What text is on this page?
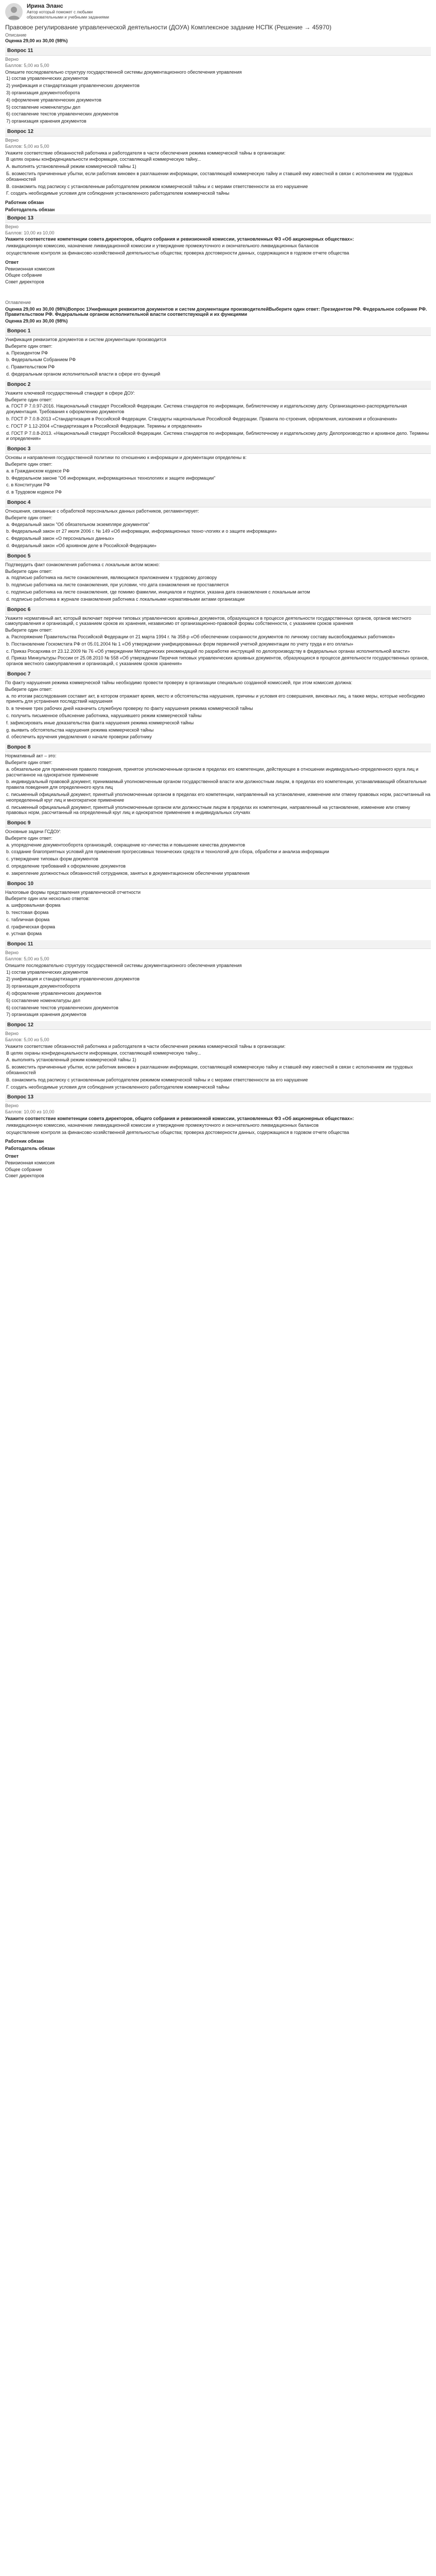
Ирина Эланс
Автор который поможет с любыми образовательными и учебными заданиями
Правовое регулирование управленческой деятельности (ДОУА) Комплексное задание НСПК (Решение → 45970)
Описание
Оценка 29,00 из 30,00 (98%)
Вопрос 11
Верно
Баллов: 5,00 из 5,00
Опишите последовательно структуру государственной системы документационного обеспечения управления
1) состав управленческих документов
2) унификация и стандартизация управленческих документов
3) организация документооборота
4) оформление управленческих документов
5) составление номенклатуры дел
6) составление текстов управленческих документов
7) организация хранения документов
Вопрос 12
Верно
Баллов: 5,00 из 5,00
Укажите соответствие обязанностей работника и работодателя в части обеспечения режима коммерческой тайны в организации:
В целях охраны конфиденциальности информации, составляющей коммерческую тайну...
А. выполнять установленный режим коммерческой тайны 1)
Б. возместить причиненные убытки, если работник виновен в разглашении информации, составляющей коммерческую тайну и ставшей ему известной в связи с исполнением им трудовых обязанностей
В. ознакомить под расписку с установленным работодателем режимом коммерческой тайны и с мерами ответственности за его нарушение
Г. создать необходимые условия для соблюдения установленного работодателем коммерческой тайны
Работник обязан
Работодатель обязан
Вопрос 13
Верно
Баллов: 10,00 из 10,00
Укажите соответствие компетенции совета директоров, общего собрания и ревизионной комиссии, установленных ФЗ «Об акционерных обществах»:
ликвидационную комиссию, назначение ликвидационной комиссии и утверждение промежуточного и окончательного ликвидационных балансов
осуществление контроля за финансово-хозяйственной деятельностью общества; проверка достоверности данных, содержащихся в годовом отчете общества
Ответ
Ревизионная комиссия
Общее собрание
Совет директоров
Оглавление
Оценка 29,00 из 30,00 (98%)Вопрос 1Унификация реквизитов документов и систем документации производителейВыберите один ответ: Президентом РФ. Федеральное собрание РФ. Правительством РФ. Федеральным органом исполнительной власти соответствующей и их функциями
Оценка 29,00 из 30,00 (98%)
Вопрос 1
Унификация реквизитов документов и систем документации производится
Выберите один ответ:
a. Президентом РФ
b. Федеральным Собранием РФ
c. Правительством РФ
d. федеральным органом исполнительной власти в сфере его функций
Вопрос 2
Укажите ключевой государственный стандарт в сфере ДОУ:
Выберите один ответ:
a. ГОСТ Р 7.0.97-2016. Национальный стандарт Российской Федерации. Система стандартов по информации, библиотечному и издательскому делу. Организационно-распорядительная документация. Требования к оформлению документов
b. ГОСТ Р 7.0.8-2013 «Стандартизация в Российской Федерации. Стандарты национальные Российской Федерации. Правила по-строения, оформления, изложения и обозначения»
c. ГОСТ Р 1.12-2004 «Стандартизация в Российской Федерации. Термины и определения»
d. ГОСТ Р 7.0.8-2013. «Национальный стандарт Российской Федерации. Система стандартов по информации, библиотечному и издательскому делу. Делопроизводство и архивное дело. Термины и определения»
Вопрос 3
Основы и направления государственной политики по отношению к информации и документации определены в:
Выберите один ответ:
a. в Гражданском кодексе РФ
b. Федеральном законе "Об информации, информационных технологиях и защите информации"
c. в Конституции РФ
d. в Трудовом кодексе РФ
Вопрос 4
Отношения, связанные с обработкой персональных данных работников, регламентирует:
Выберите один ответ:
a. Федеральный закон "Об обязательном экземпляре документов"
b. Федеральный закон от 27 июля 2006 г. № 149 «Об информации, информационных техно¬логиях и о защите информации»
c. Федеральный закон «О персональных данных»
d. Федеральный закон «Об архивном деле в Российской Федерации»
Вопрос 5
Подтвердить факт ознакомления работника с локальным актом можно:
Выберите один ответ:
a. подписью работника на листе ознакомления, являющимся приложением к трудовому договору
b. подписью работника на листе ознакомления, при условии, что дата ознакомления не проставляется
c. подписью работника на листе ознакомления, где помимо фамилии, инициалов и подписи, указана дата ознакомления с локальным актом
d. подписью работника в журнале ознакомления работника с локальными нормативными актами организации
Вопрос 6
Укажите нормативный акт, который включает перечни типовых управленческих архивных документов, образующихся в процессе деятельности государственных органов, органов местного самоуправления и организаций, с указанием сроков их хранения, независимо от организационно-правовой формы собственности, с указанием сроков хранения
Выберите один ответ:
a. Распоряжение Правительства Российской Федерации от 21 марта 1994 г. № 358-р «Об обеспечении сохранности документов по личному составу высвобождаемых работников»
b. Постановление Госкомстата РФ от 05.01.2004 № 1 «Об утверждении унифицированных форм первичной учетной документации по учету труда и его оплаты»
c. Приказ Росархива от 23.12.2009 № 76 «Об утверждении Методических рекомендаций по разработке инструкций по делопроизводству в федеральных органах исполнительной власти»
d. Приказ Минкультуры России от 25.08.2010 № 558 «Об утверждении Перечня типовых управленческих архивных документов, образующихся в процессе деятельности государственных органов, органов местного самоуправления и организаций, с указанием сроков хранения»
Вопрос 7
По факту нарушения режима коммерческой тайны необходимо провести проверку в организации специально созданной комиссией, при этом комиссия должна:
Выберите один ответ:
a. по итогам расследования составит акт, в котором отражает время, место и обстоятельства нарушения, причины и условия его совершения, виновных лиц, а также меры, которые необходимо принять для устранения последствий нарушения
b. в течение трех рабочих дней назначить служебную проверку по факту нарушения режима коммерческой тайны
c. получить письменное объяснение работника, нарушившего режим коммерческой тайны
f. зафиксировать иные доказательства факта нарушения режима коммерческой тайны
g. выявить обстоятельства нарушения режима коммерческой тайны
d. обеспечить вручения уведомления о начале проверки работнику
Вопрос 8
Нормативный акт – это:
Выберите один ответ:
a. обязательное для применения правило поведения, принятое уполномоченным органом в пределах его компетенции, действующее в отношении индивидуально-определенного круга лиц и рассчитанное на однократное применение
b. индивидуальный правовой документ, принимаемый уполномоченным органом государственной власти или должностным лицом, в пределах его компетенции, устанавливающий обязательные правила поведения для определенного круга лиц
c. письменный официальный документ, принятый уполномоченным органом в пределах его компетенции, направленный на установление, изменение или отмену правовых норм, рассчитанный на неопределенный круг лиц и многократное применение
d. письменный официальный документ, принятый уполномоченным органом или должностным лицом в пределах их компетенции, направленный на установление, изменение или отмену правовых норм, рассчитанный на определенный круг лиц и однократное применение в индивидуальных случаях
Вопрос 9
Основные задачи ГСДОУ:
Выберите один ответ:
a. упорядочение документооборота организаций, сокращение ко¬личества и повышение качества документов
b. создание благоприятных условий для применения прогрессивных технических средств и технологий для сбора, обработки и анализа информации
c. утверждение типовых форм документов
d. определение требований к оформлению документов
e. закрепление должностных обязанностей сотрудников, занятых в документационном обеспечении управления
Вопрос 10
Налоговые формы представления управленческой отчетности
Выберите один или несколько ответов:
a. шифровальная форма
b. текстовая форма
c. табличная форма
d. графическая форма
e. устная форма
Вопрос 11
Верно
Баллов: 5,00 из 5,00
Опишите последовательно структуру государственной системы документационного обеспечения управления
1) состав управленческих документов
2) унификация и стандартизация управленческих документов
3) организация документооборота
4) оформление управленческих документов
5) составление номенклатуры дел
6) составление текстов управленческих документов
7) организация хранения документов
Вопрос 12
Верно
Баллов: 5,00 из 5,00
Укажите соответствие обязанностей работника и работодателя в части обеспечения режима коммерческой тайны в организации:
В целях охраны конфиденциальности информации, составляющей коммерческую тайну...
А. выполнять установленный режим коммерческой тайны 1)
Б. возместить причиненные убытки, если работник виновен в разглашении информации, составляющей коммерческую тайну и ставшей ему известной в связи с исполнением им трудовых обязанностей
В. ознакомить под расписку с установленным работодателем режимом коммерческой тайны и с мерами ответственности за его нарушение
Г. создать необходимые условия для соблюдения установленного работодателем коммерческой тайны
Вопрос 13
Верно
Баллов: 10,00 из 10,00
Укажите соответствие компетенции совета директоров, общего собрания и ревизионной комиссии, установленных ФЗ «Об акционерных обществах»:
ликвидационную комиссию, назначение ликвидационной комиссии и утверждение промежуточного и окончательного ликвидационных балансов
осуществление контроля за финансово-хозяйственной деятельностью общества; проверка достоверности данных, содержащихся в годовом отчете общества
Работник обязан
Работодатель обязан
Ответ
Ревизионная комиссия
Общее собрание
Совет директоров
